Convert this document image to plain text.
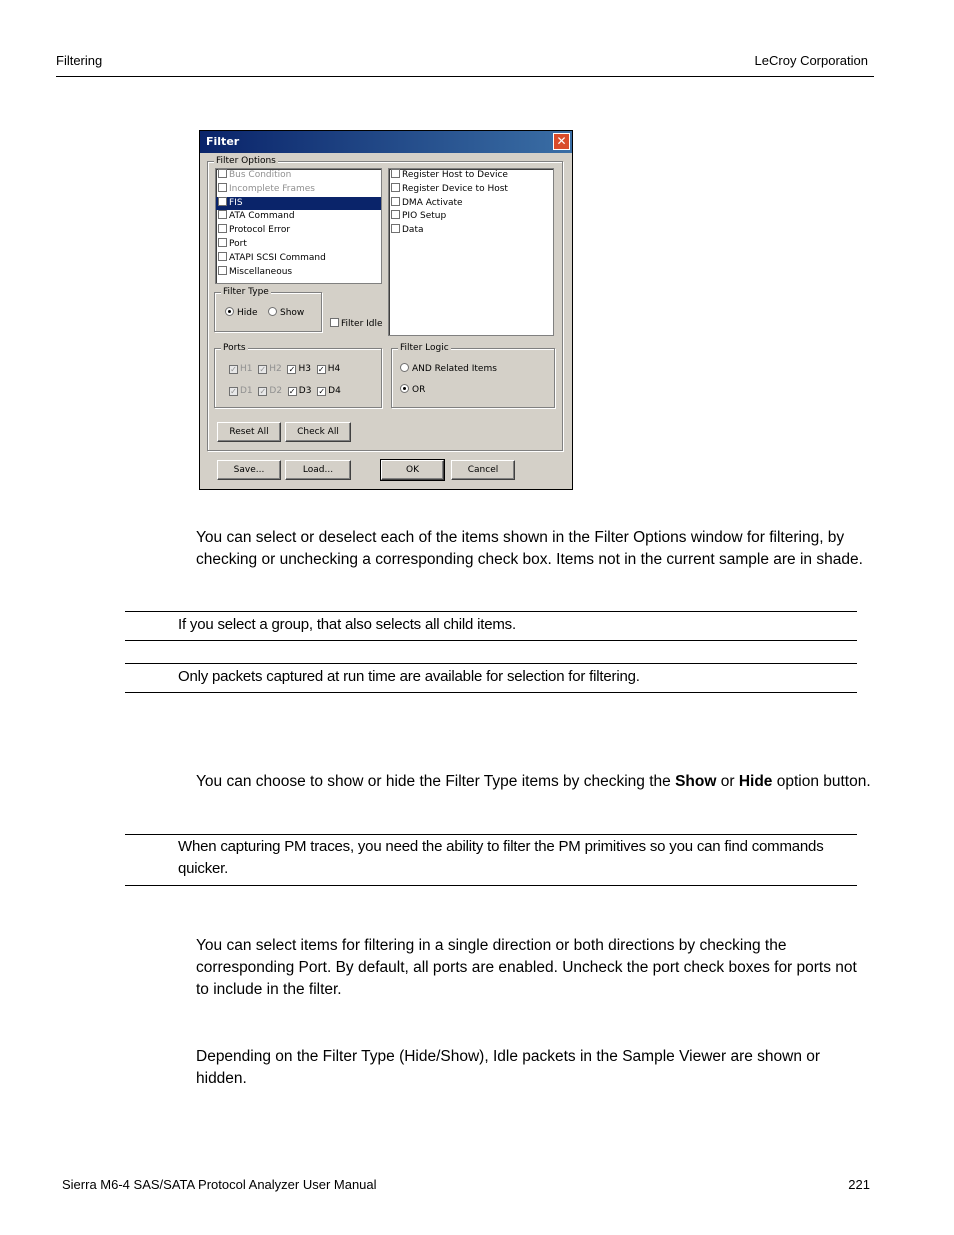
Filtering	LeCroy Corporation
Filter	✕
Filter Options
Bus Condition
Incomplete Frames
FIS
ATA Command
Protocol Error
Port
ATAPI SCSI Command
Miscellaneous
Register Host to Device
Register Device to Host
DMA Activate
PIO Setup
Data
Filter Type
Hide	Show
Filter Idle
Ports
✓ H1 ✓ H2 ✓ H3 ✓ H4
✓ D1 ✓ D2 ✓ D3 ✓ D4
Filter Logic
AND Related Items
OR
Reset All	Check All
Save...	Load...	OK	Cancel
You can select or deselect each of the items shown in the Filter Options window for filtering, by checking or unchecking a corresponding check box. Items not in the current sample are in shade.
If you select a group, that also selects all child items.
Only packets captured at run time are available for selection for filtering.
You can choose to show or hide the Filter Type items by checking the Show or Hide option button.
When capturing PM traces, you need the ability to filter the PM primitives so you can find commands quicker.
You can select items for filtering in a single direction or both directions by checking the corresponding Port. By default, all ports are enabled. Uncheck the port check boxes for ports not to include in the filter.
Depending on the Filter Type (Hide/Show), Idle packets in the Sample Viewer are shown or hidden.
Sierra M6-4 SAS/SATA Protocol Analyzer User Manual	221
